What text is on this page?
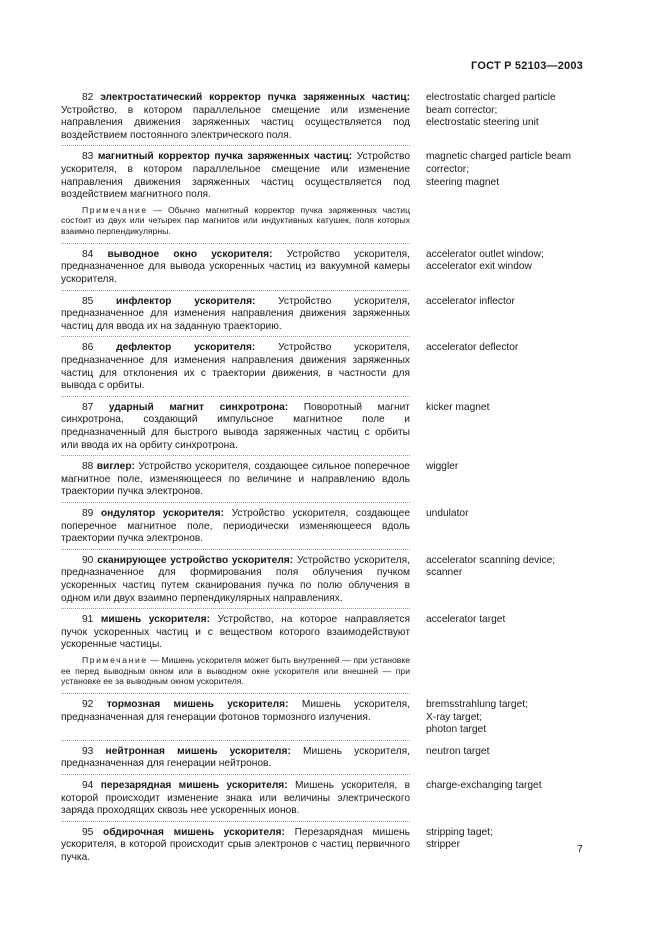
ГОСТ Р 52103—2003
82 электростатический корректор пучка заряженных частиц: Устройство, в котором параллельное смещение или изменение направления движения заряженных частиц осуществляется под воздействием постоянного электрического поля.
electrostatic charged particle
beam corrector;
electrostatic steering unit
83 магнитный корректор пучка заряженных частиц: Устройство ускорителя, в котором параллельное смещение или изменение направления движения заряженных частиц осуществляется под воздействием магнитного поля.
magnetic charged particle beam
corrector;
steering magnet
Примечание — Обычно магнитный корректор пучка заряженных частиц состоит из двух или четырех пар магнитов или индуктивных катушек, поля которых взаимно перпендикулярны.
84 выводное окно ускорителя: Устройство ускорителя, предназначенное для вывода ускоренных частиц из вакуумной камеры ускорителя.
accelerator outlet window;
accelerator exit window
85 инфлектор ускорителя: Устройство ускорителя, предназначенное для изменения направления движения заряженных частиц для ввода их на заданную траекторию.
accelerator inflector
86 дефлектор ускорителя: Устройство ускорителя, предназначенное для изменения направления движения заряженных частиц для отклонения их с траектории движения, в частности для вывода с орбиты.
accelerator deflector
87 ударный магнит синхротрона: Поворотный магнит синхротрона, создающий импульсное магнитное поле и предназначенный для быстрого вывода заряженных частиц с орбиты или ввода их на орбиту синхротрона.
kicker magnet
88 виглер: Устройство ускорителя, создающее сильное поперечное магнитное поле, изменяющееся по величине и направлению вдоль траектории пучка электронов.
wiggler
89 ондулятор ускорителя: Устройство ускорителя, создающее поперечное магнитное поле, периодически изменяющееся вдоль траектории пучка электронов.
undulator
90 сканирующее устройство ускорителя: Устройство ускорителя, предназначенное для формирования поля облучения пучком ускоренных частиц путем сканирования пучка по полю облучения в одном или двух взаимно перпендикулярных направлениях.
accelerator scanning device;
scanner
91 мишень ускорителя: Устройство, на которое направляется пучок ускоренных частиц и с веществом которого взаимодействуют ускоренные частицы.
accelerator target
Примечание — Мишень ускорителя может быть внутренней — при установке ее перед выводным окном или в выводном окне ускорителя или внешней — при установке ее за выводным окном ускорителя.
92 тормозная мишень ускорителя: Мишень ускорителя, предназначенная для генерации фотонов тормозного излучения.
bremsstrahlung target;
X-ray target;
photon target
93 нейтронная мишень ускорителя: Мишень ускорителя, предназначенная для генерации нейтронов.
neutron target
94 перезарядная мишень ускорителя: Мишень ускорителя, в которой происходит изменение знака или величины электрического заряда проходящих сквозь нее ускоренных ионов.
charge-exchanging target
95 обдирочная мишень ускорителя: Перезарядная мишень ускорителя, в которой происходит срыв электронов с частиц первичного пучка.
stripping taget;
stripper	7
